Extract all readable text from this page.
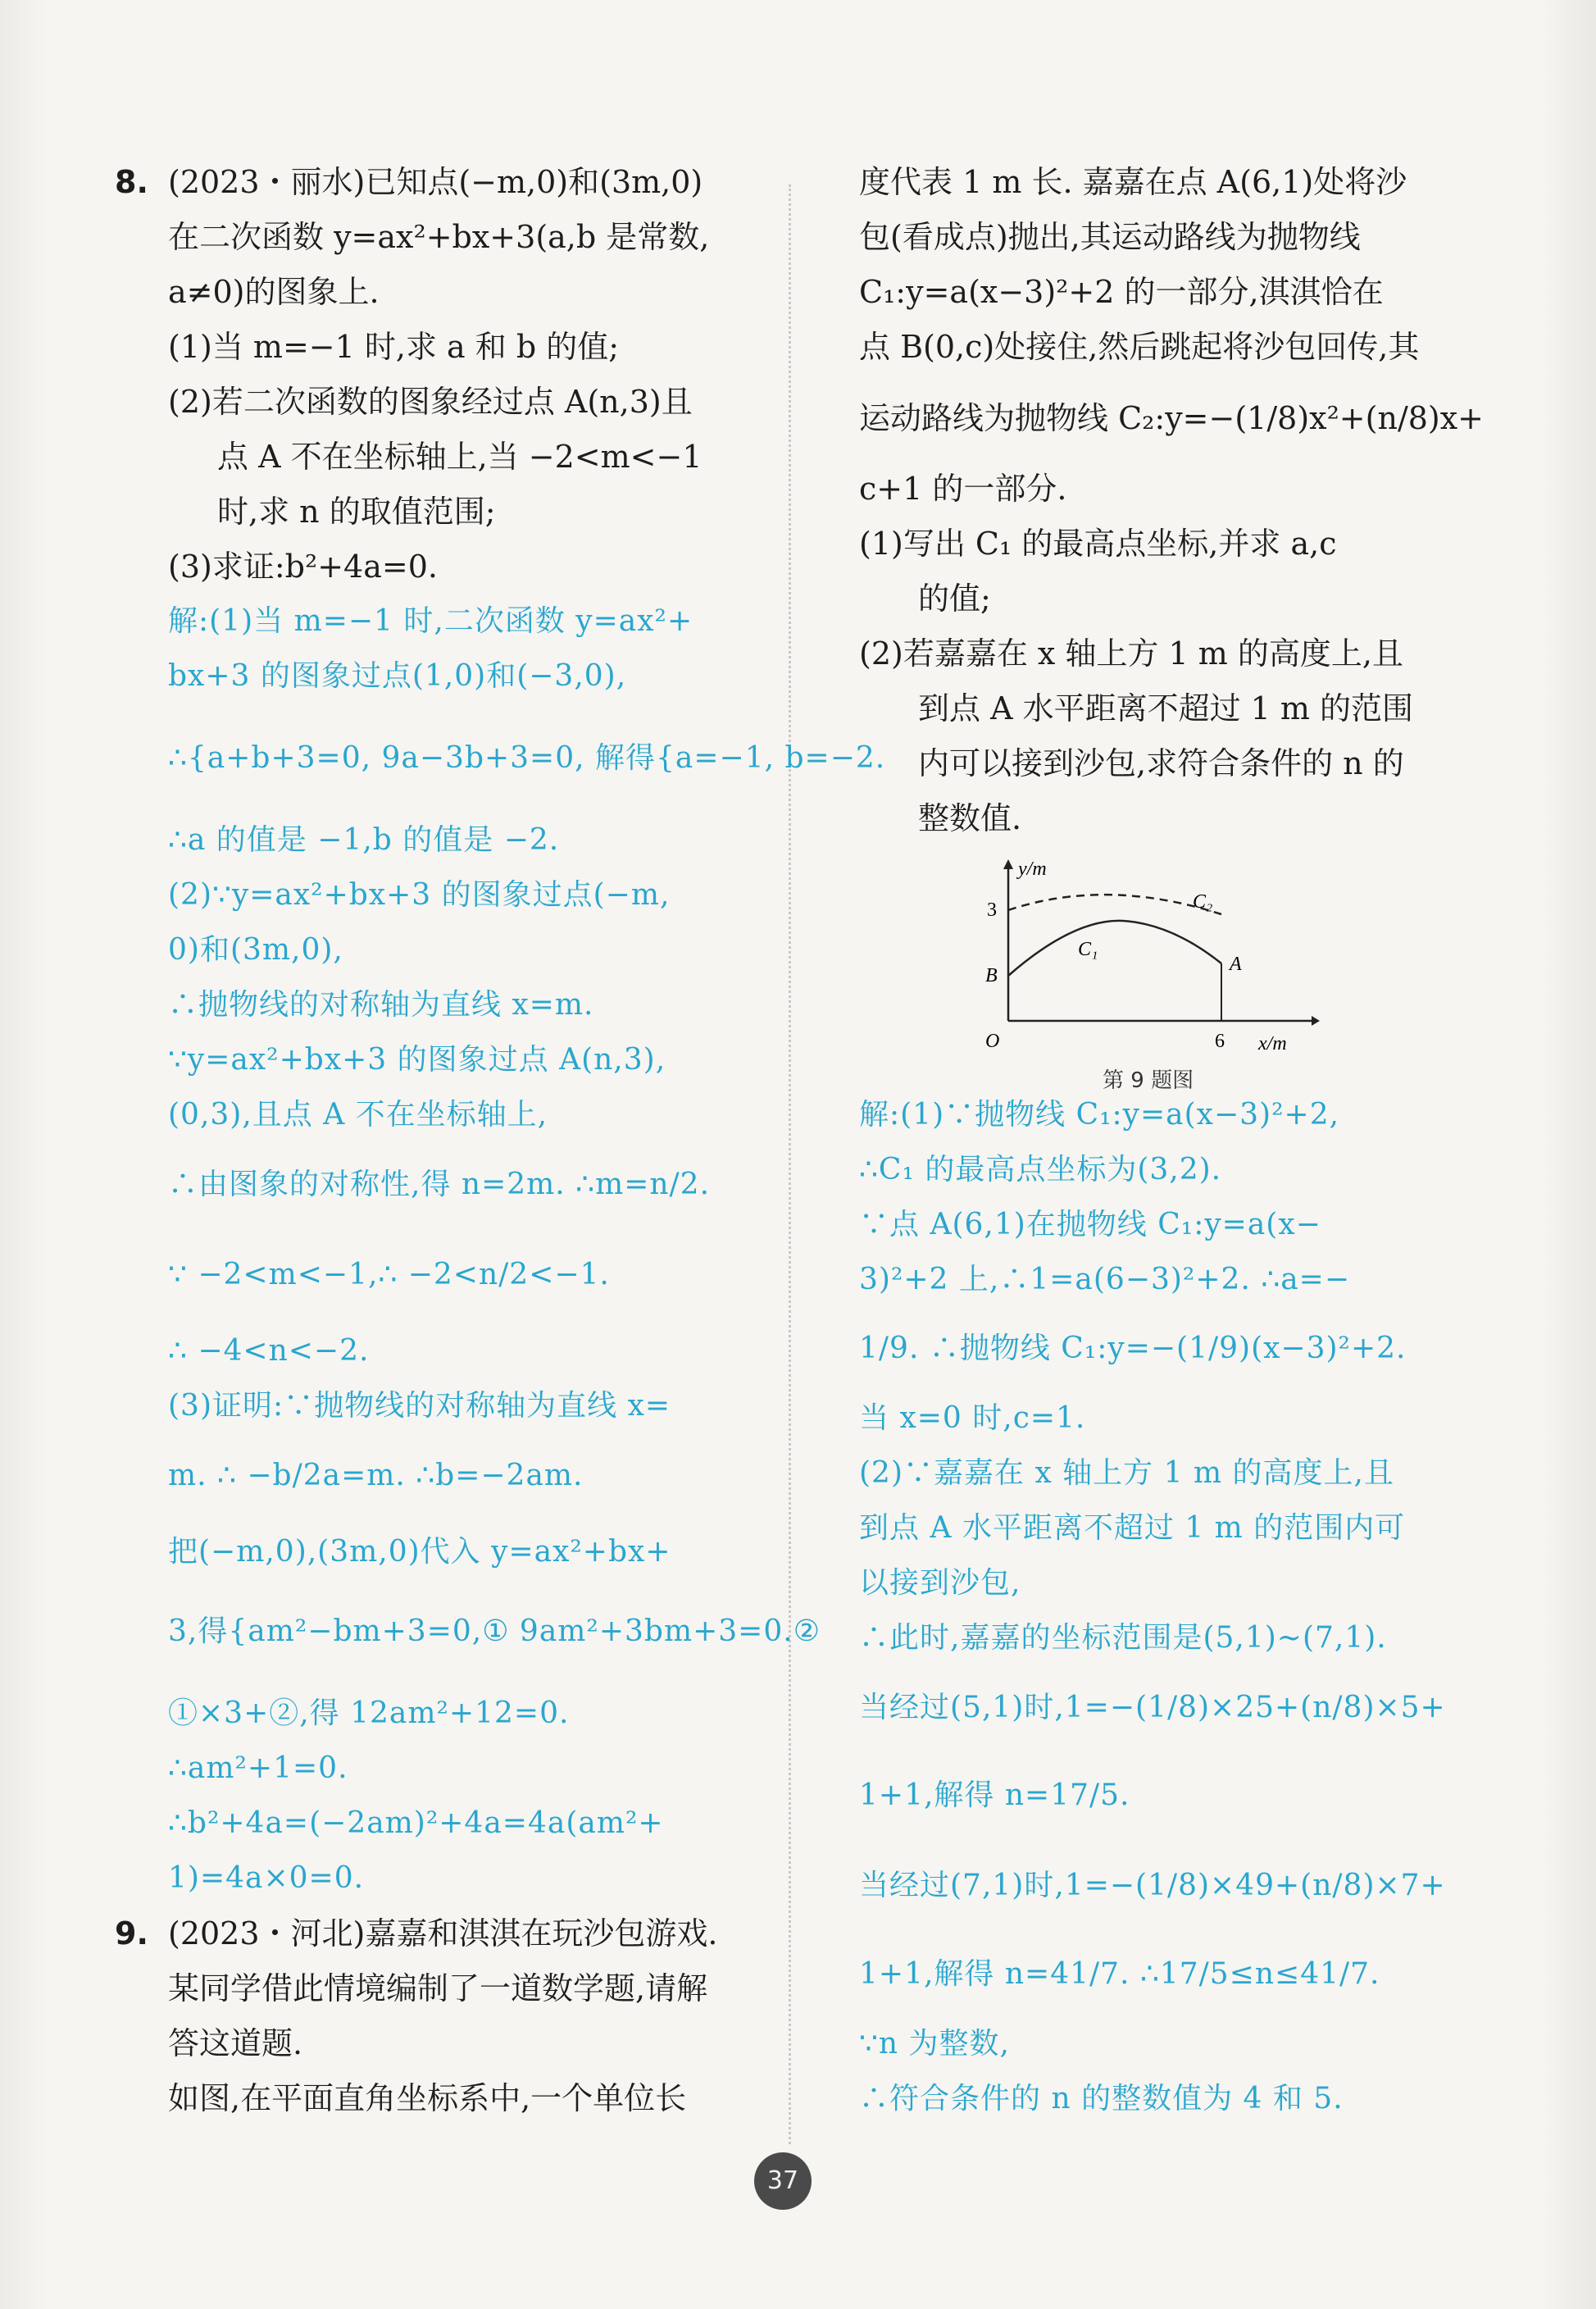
8. (2023・丽水)已知点(−m,0)和(3m,0)
在二次函数 y=ax²+bx+3(a,b 是常数,
a≠0)的图象上.
(1)当 m=−1 时,求 a 和 b 的值;
(2)若二次函数的图象经过点 A(n,3)且
点 A 不在坐标轴上,当 −2<m<−1
时,求 n 的取值范围;
(3)求证:b²+4a=0.
解:(1)当 m=−1 时,二次函数 y=ax²+
bx+3 的图象过点(1,0)和(−3,0),
∴{a+b+3=0, 9a−3b+3=0, 解得{a=−1, b=−2.
∴a 的值是 −1,b 的值是 −2.
(2)∵y=ax²+bx+3 的图象过点(−m,
0)和(3m,0),
∴抛物线的对称轴为直线 x=m.
∵y=ax²+bx+3 的图象过点 A(n,3),
(0,3),且点 A 不在坐标轴上,
∴由图象的对称性,得 n=2m. ∴m=n/2.
∵ −2<m<−1,∴ −2<n/2<−1.
∴ −4<n<−2.
(3)证明:∵抛物线的对称轴为直线 x=
m. ∴ −b/2a=m. ∴b=−2am.
把(−m,0),(3m,0)代入 y=ax²+bx+
3,得{am²−bm+3=0,① 9am²+3bm+3=0.②
①×3+②,得 12am²+12=0.
∴am²+1=0.
∴b²+4a=(−2am)²+4a=4a(am²+
1)=4a×0=0.
9. (2023・河北)嘉嘉和淇淇在玩沙包游戏.
某同学借此情境编制了一道数学题,请解
答这道题.
如图,在平面直角坐标系中,一个单位长
度代表 1 m 长. 嘉嘉在点 A(6,1)处将沙
包(看成点)抛出,其运动路线为抛物线
C₁:y=a(x−3)²+2 的一部分,淇淇恰在
点 B(0,c)处接住,然后跳起将沙包回传,其
运动路线为抛物线 C₂:y=−(1/8)x²+(n/8)x+
c+1 的一部分.
(1)写出 C₁ 的最高点坐标,并求 a,c
的值;
(2)若嘉嘉在 x 轴上方 1 m 的高度上,且
到点 A 水平距离不超过 1 m 的范围
内可以接到沙包,求符合条件的 n 的
整数值.
解:(1)∵抛物线 C₁:y=a(x−3)²+2,
∴C₁ 的最高点坐标为(3,2).
∵点 A(6,1)在抛物线 C₁:y=a(x−
3)²+2 上,∴1=a(6−3)²+2. ∴a=−
1/9. ∴抛物线 C₁:y=−(1/9)(x−3)²+2.
当 x=0 时,c=1.
(2)∵嘉嘉在 x 轴上方 1 m 的高度上,且
到点 A 水平距离不超过 1 m 的范围内可
以接到沙包,
∴此时,嘉嘉的坐标范围是(5,1)~(7,1).
当经过(5,1)时,1=−(1/8)×25+(n/8)×5+
1+1,解得 n=17/5.
当经过(7,1)时,1=−(1/8)×49+(n/8)×7+
1+1,解得 n=41/7. ∴17/5≤n≤41/7.
∵n 为整数,
∴符合条件的 n 的整数值为 4 和 5.
y/m
x/m
O
3
6
B
A
C₁
C₂
第 9 题图
37
